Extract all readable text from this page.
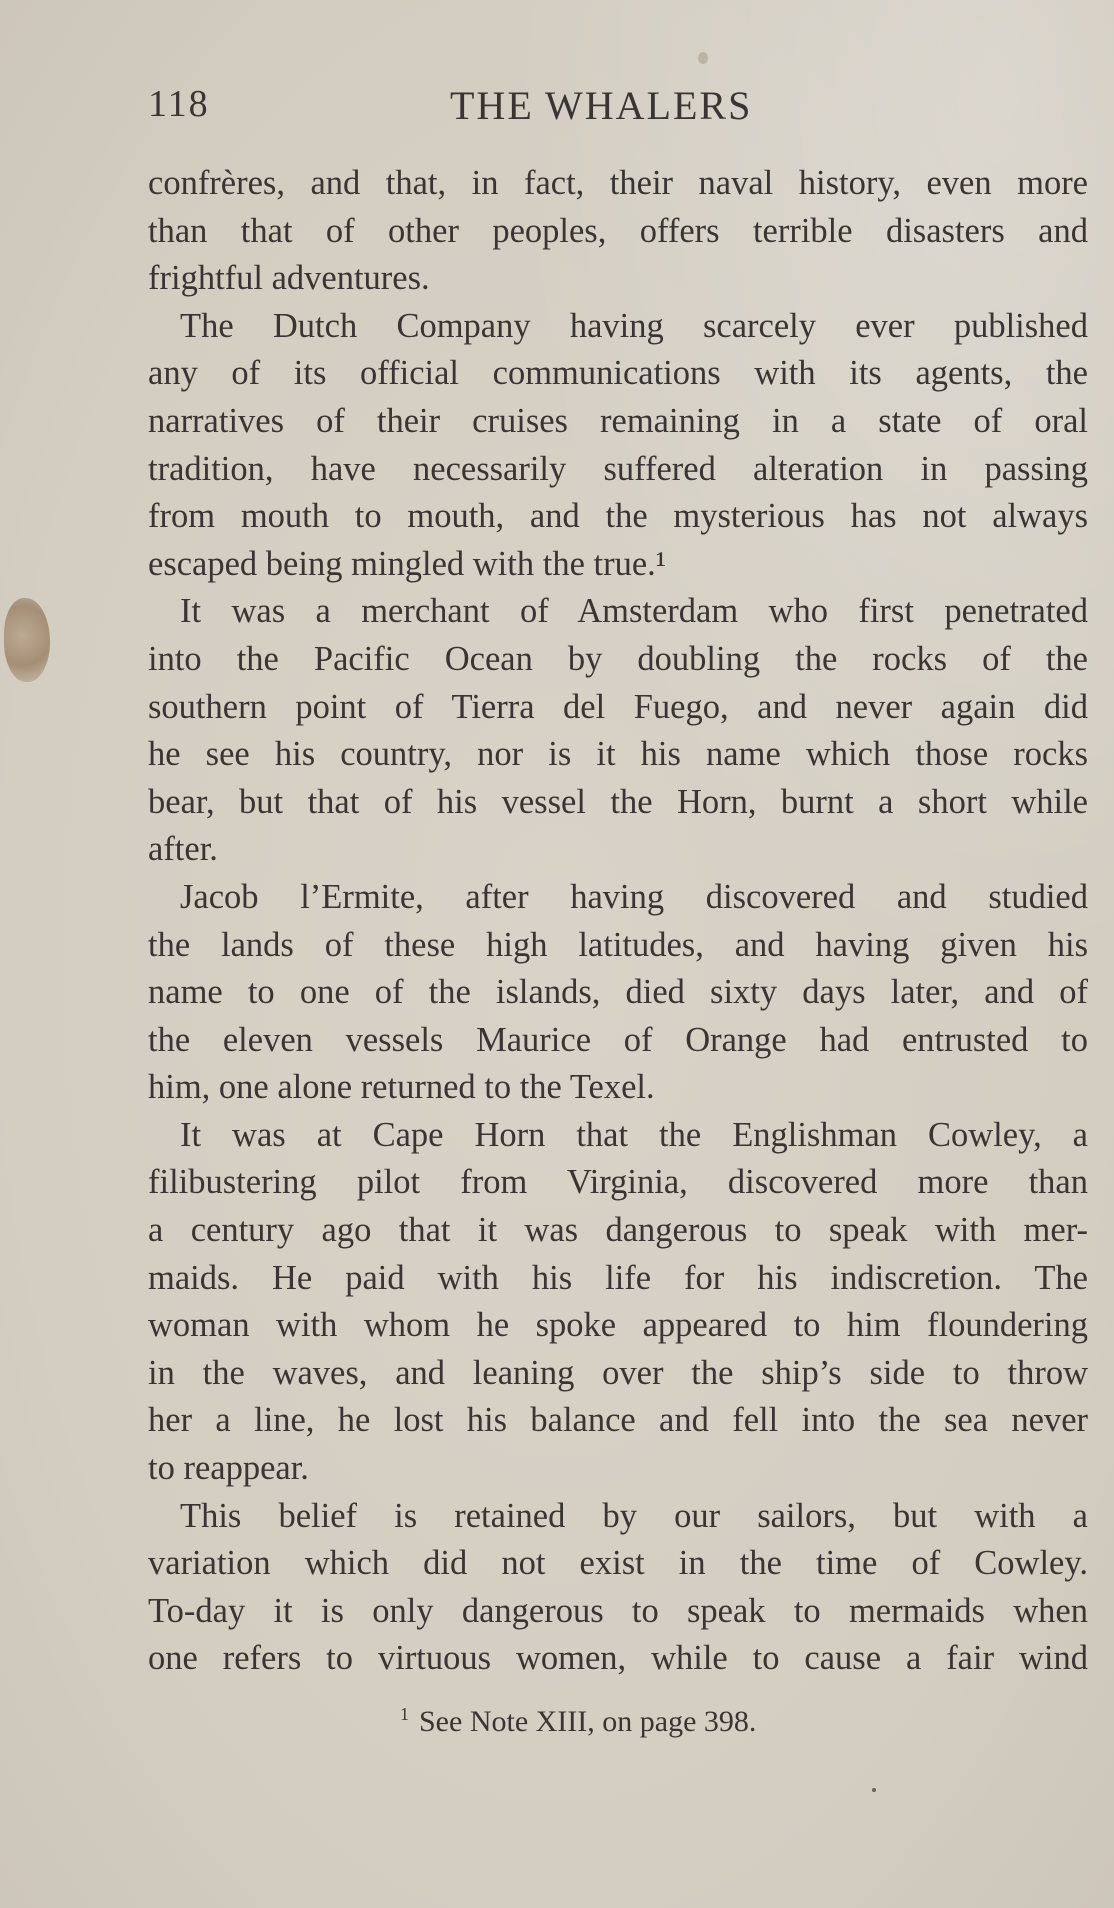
118	THE WHALERS
confrères, and that, in fact, their naval history, even more
than that of other peoples, offers terrible disasters and
frightful adventures.
The Dutch Company having scarcely ever published
any of its official communications with its agents, the
narratives of their cruises remaining in a state of oral
tradition, have necessarily suffered alteration in passing
from mouth to mouth, and the mysterious has not always
escaped being mingled with the true.¹
It was a merchant of Amsterdam who first penetrated
into the Pacific Ocean by doubling the rocks of the
southern point of Tierra del Fuego, and never again did
he see his country, nor is it his name which those rocks
bear, but that of his vessel the Horn, burnt a short while
after.
Jacob l’Ermite, after having discovered and studied
the lands of these high latitudes, and having given his
name to one of the islands, died sixty days later, and of
the eleven vessels Maurice of Orange had entrusted to
him, one alone returned to the Texel.
It was at Cape Horn that the Englishman Cowley, a
filibustering pilot from Virginia, discovered more than
a century ago that it was dangerous to speak with mer-
maids. He paid with his life for his indiscretion. The
woman with whom he spoke appeared to him floundering
in the waves, and leaning over the ship’s side to throw
her a line, he lost his balance and fell into the sea never
to reappear.
This belief is retained by our sailors, but with a
variation which did not exist in the time of Cowley.
To-day it is only dangerous to speak to mermaids when
one refers to virtuous women, while to cause a fair wind
$^1$ See Note XIII, on page 398.
